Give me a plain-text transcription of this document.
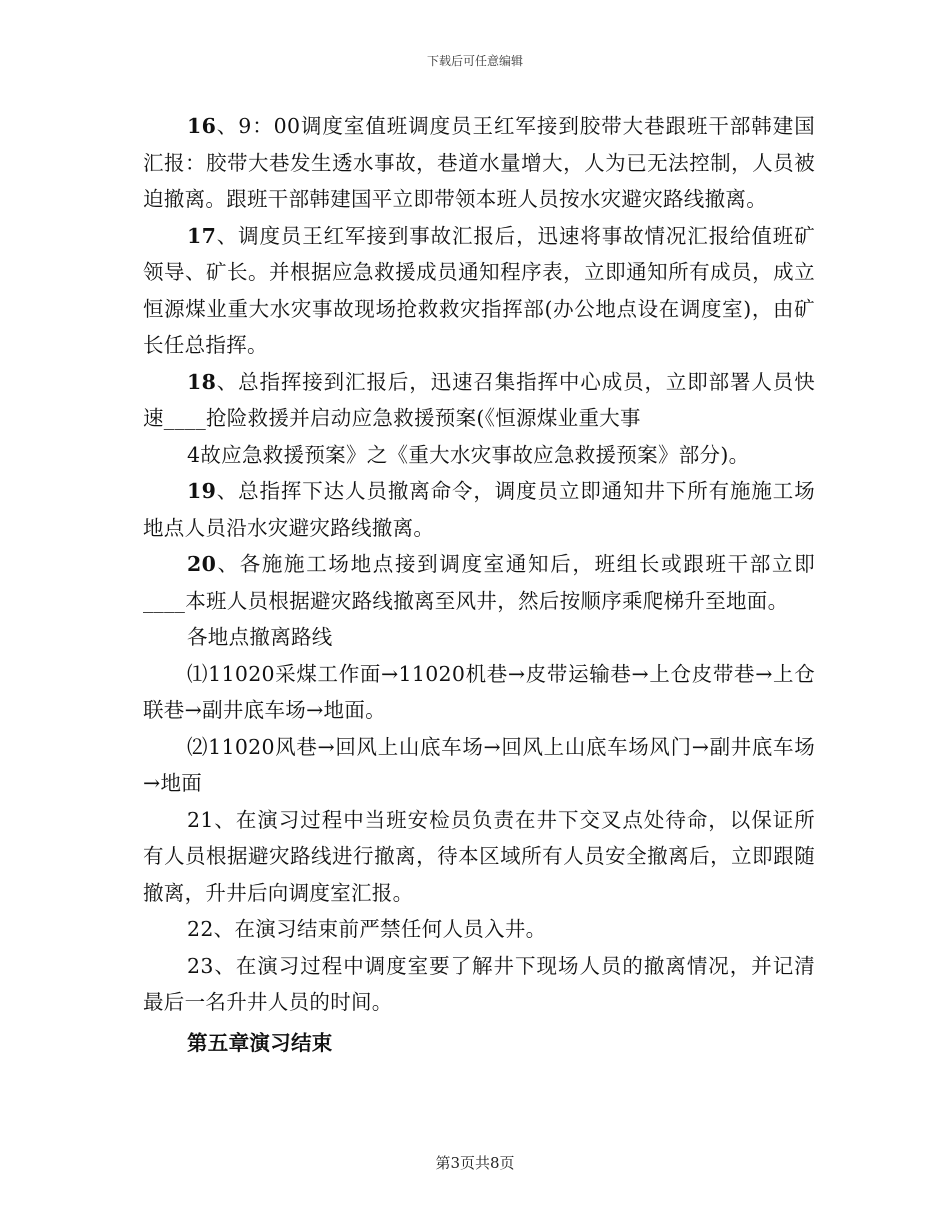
下载后可任意编辑

16、9：00调度室值班调度员王红军接到胶带大巷跟班干部韩建国汇报：胶带大巷发生透水事故，巷道水量增大，人为已无法控制，人员被迫撤离。跟班干部韩建国平立即带领本班人员按水灾避灾路线撤离。

17、调度员王红军接到事故汇报后，迅速将事故情况汇报给值班矿领导、矿长。并根据应急救援成员通知程序表，立即通知所有成员，成立恒源煤业重大水灾事故现场抢救救灾指挥部(办公地点设在调度室)，由矿长任总指挥。

18、总指挥接到汇报后，迅速召集指挥中心成员，立即部署人员快速____抢险救援并启动应急救援预案(《恒源煤业重大事

4故应急救援预案》之《重大水灾事故应急救援预案》部分)。

19、总指挥下达人员撤离命令，调度员立即通知井下所有施施工场地点人员沿水灾避灾路线撤离。

20、各施施工场地点接到调度室通知后，班组长或跟班干部立即____本班人员根据避灾路线撤离至风井，然后按顺序乘爬梯升至地面。

各地点撤离路线

⑴11020采煤工作面→11020机巷→皮带运输巷→上仓皮带巷→上仓联巷→副井底车场→地面。

⑵11020风巷→回风上山底车场→回风上山底车场风门→副井底车场→地面

21、在演习过程中当班安检员负责在井下交叉点处待命，以保证所有人员根据避灾路线进行撤离，待本区域所有人员安全撤离后，立即跟随撤离，升井后向调度室汇报。

22、在演习结束前严禁任何人员入井。

23、在演习过程中调度室要了解井下现场人员的撤离情况，并记清最后一名升井人员的时间。

第五章演习结束
第3页共8页
